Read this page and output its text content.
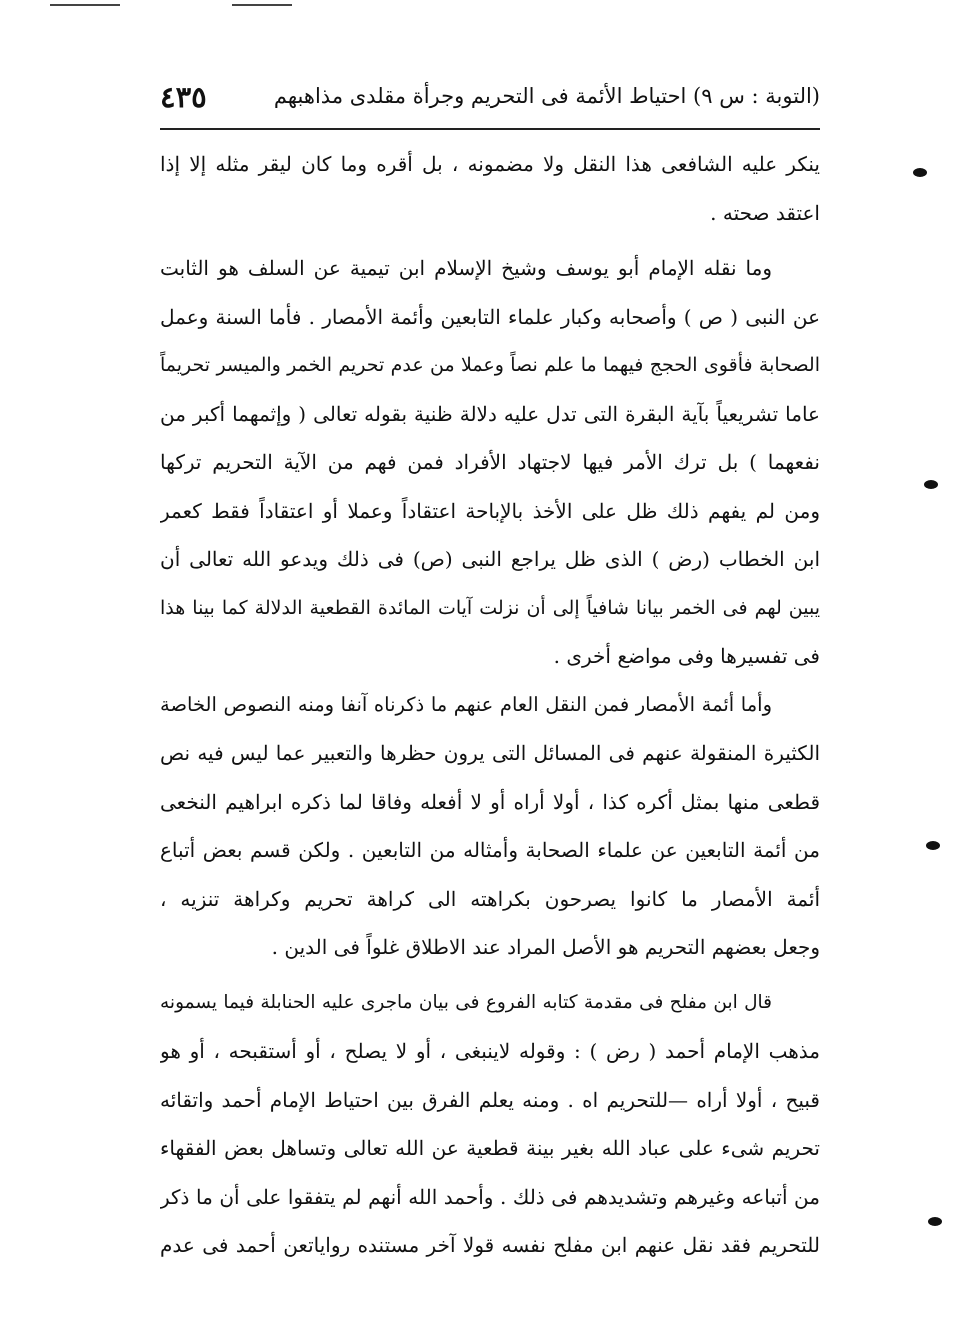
(التوبة : س ٩) احتياط الأئمة فى التحريم وجرأة مقلدى مذاهبهم
٤٣٥
ينكر عليه الشافعى هذا النقل ولا مضمونه ، بل أقره وما كان ليقر مثله إلا إذا
اعتقد صحته .
وما نقله الإمام أبو يوسف وشيخ الإسلام ابن تيمية عن السلف هو الثابت
عن النبى ( ص ) وأصحابه وكبار علماء التابعين وأئمة الأمصار . فأما السنة وعمل
الصحابة فأقوى الحجج فيهما ما علم نصاً وعملا من عدم تحريم الخمر والميسر تحريماً
عاما تشريعياً بآية البقرة التى تدل عليه دلالة ظنية بقوله تعالى ( وإثمهما أكبر من
نفعهما ) بل ترك الأمر فيها لاجتهاد الأفراد فمن فهم من الآية التحريم تركها
ومن لم يفهم ذلك ظل على الأخذ بالإباحة اعتقاداً وعملا أو اعتقاداً فقط كعمر
ابن الخطاب (رض ) الذى ظل يراجع النبى (ص) فى ذلك ويدعو الله تعالى أن
يبين لهم فى الخمر بيانا شافياً إلى أن نزلت آيات المائدة القطعية الدلالة كما بينا هذا
فى تفسيرها وفى مواضع أخرى .
وأما أئمة الأمصار فمن النقل العام عنهم ما ذكرناه آنفا ومنه النصوص الخاصة
الكثيرة المنقولة عنهم فى المسائل التى يرون حظرها والتعبير عما ليس فيه نص
قطعى منها بمثل أكره كذا ، أولا أراه أو لا أفعله وفاقا لما ذكره ابراهيم النخعى
من أئمة التابعين عن علماء الصحابة وأمثاله من التابعين . ولكن قسم بعض أتباع
أئمة الأمصار ما كانوا يصرحون بكراهته الى كراهة تحريم وكراهة تنزيه ،
وجعل بعضهم التحريم هو الأصل المراد عند الاطلاق غلواً فى الدين .
قال ابن مفلح فى مقدمة كتابه الفروع فى بيان ماجرى عليه الحنابلة فيما يسمونه
مذهب الإمام أحمد ( رض ) : وقوله لاينبغى ، أو لا يصلح ، أو أستقبحه ، أو هو
قبيح ، أولا أراه —للتحريم اه . ومنه يعلم الفرق بين احتياط الإمام أحمد واتقائه
تحريم شىء على عباد الله بغير بينة قطعية عن الله تعالى وتساهل بعض الفقهاء
من أتباعه وغيرهم وتشديدهم فى ذلك . وأحمد الله أنهم لم يتفقوا على أن ما ذكر
للتحريم فقد نقل عنهم ابن مفلح نفسه قولا آخر مستنده رواياتعن أحمد فى عدم
